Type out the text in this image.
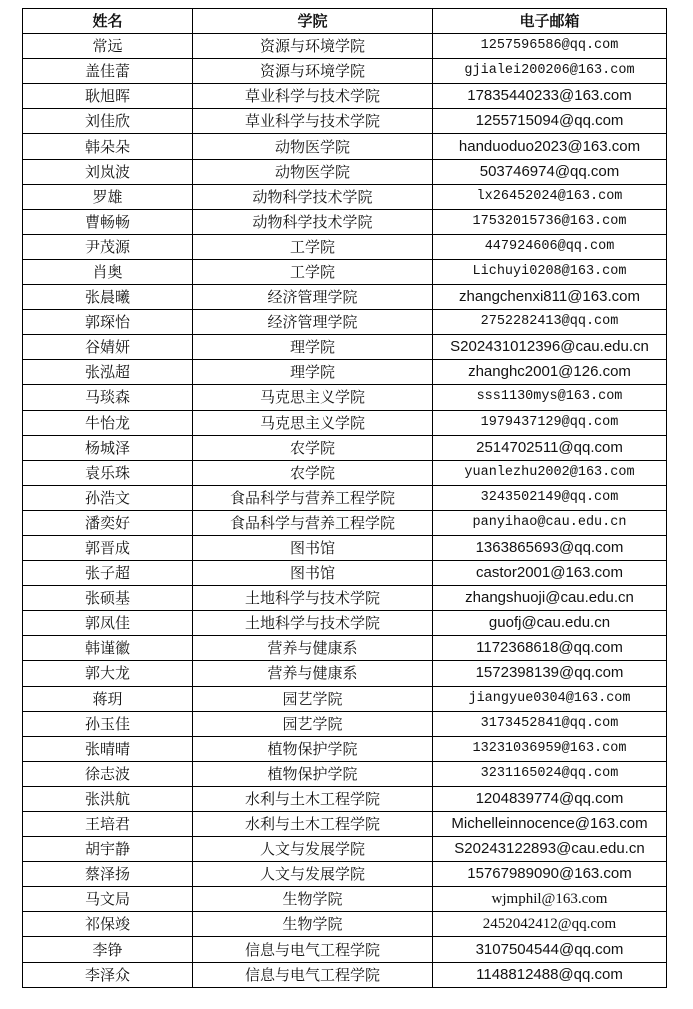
姓名	学院	电子邮箱
常远	资源与环境学院	1257596586@qq.com
盖佳蕾	资源与环境学院	gjialei200206@163.com
耿旭晖	草业科学与技术学院	17835440233@163.com
刘佳欣	草业科学与技术学院	1255715094@qq.com
韩朵朵	动物医学院	handuoduo2023@163.com
刘岚波	动物医学院	503746974@qq.com
罗雄	动物科学技术学院	lx26452024@163.com
曹畅畅	动物科学技术学院	17532015736@163.com
尹茂源	工学院	447924606@qq.com
肖奥	工学院	Lichuyi0208@163.com
张晨曦	经济管理学院	zhangchenxi811@163.com
郭琛怡	经济管理学院	2752282413@qq.com
谷婧妍	理学院	S202431012396@cau.edu.cn
张泓超	理学院	zhanghc2001@126.com
马琰森	马克思主义学院	sss1130mys@163.com
牛怡龙	马克思主义学院	1979437129@qq.com
杨城泽	农学院	2514702511@qq.com
袁乐珠	农学院	yuanlezhu2002@163.com
孙浩文	食品科学与营养工程学院	3243502149@qq.com
潘奕好	食品科学与营养工程学院	panyihao@cau.edu.cn
郭晋成	图书馆	1363865693@qq.com
张子超	图书馆	castor2001@163.com
张硕基	土地科学与技术学院	zhangshuoji@cau.edu.cn
郭凤佳	土地科学与技术学院	guofj@cau.edu.cn
韩谨徽	营养与健康系	1172368618@qq.com
郭大龙	营养与健康系	1572398139@qq.com
蒋玥	园艺学院	jiangyue0304@163.com
孙玉佳	园艺学院	3173452841@qq.com
张晴晴	植物保护学院	13231036959@163.com
徐志波	植物保护学院	3231165024@qq.com
张洪航	水利与土木工程学院	1204839774@qq.com
王培君	水利与土木工程学院	Michelleinnocence@163.com
胡宇静	人文与发展学院	S20243122893@cau.edu.cn
蔡泽扬	人文与发展学院	15767989090@163.com
马文局	生物学院	wjmphil@163.com
祁保竣	生物学院	2452042412@qq.com
李铮	信息与电气工程学院	3107504544@qq.com
李泽众	信息与电气工程学院	1148812488@qq.com
